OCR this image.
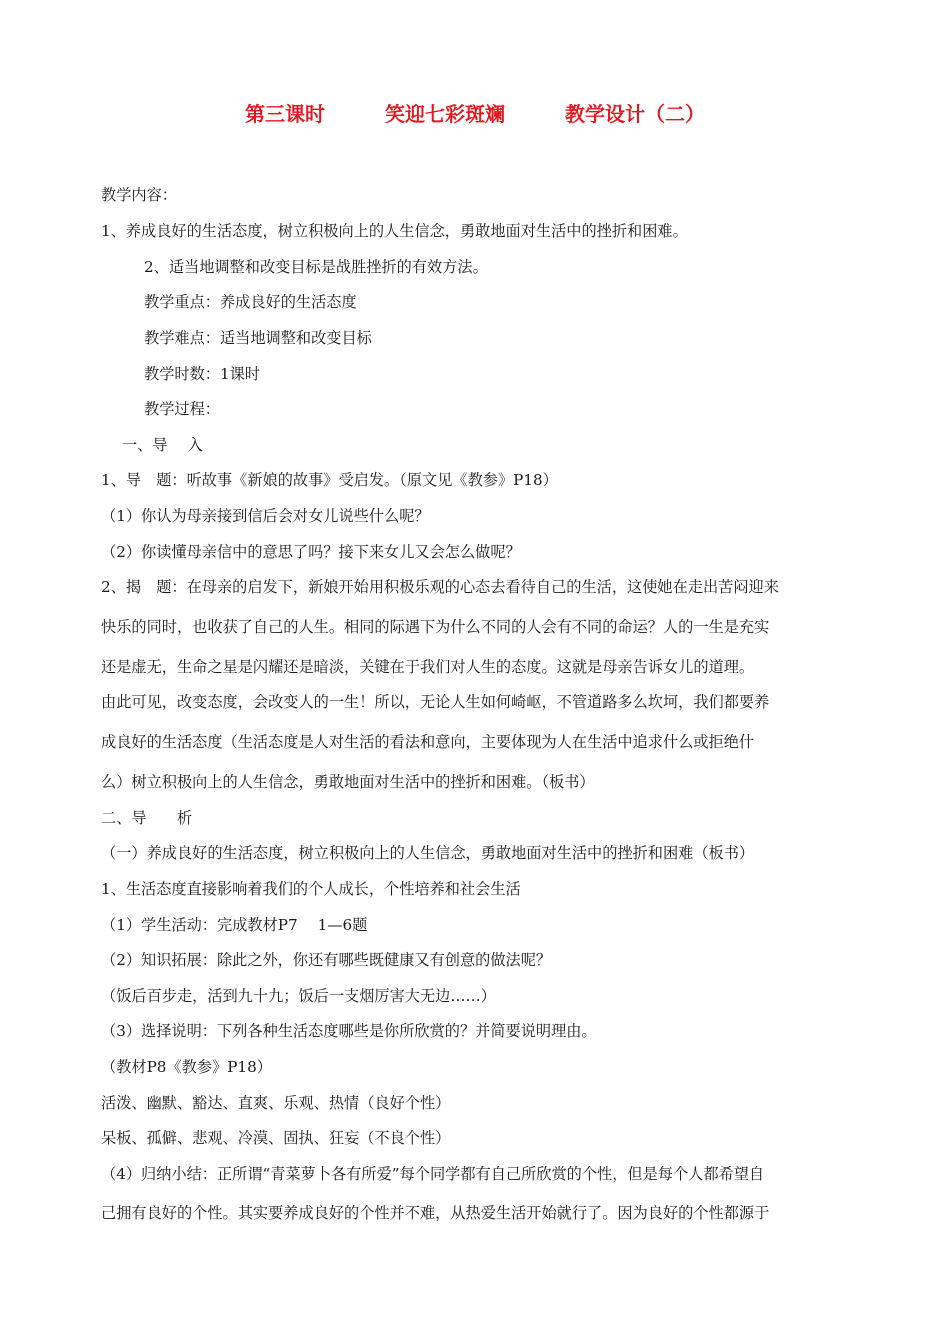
第三课时　　　笑迎七彩斑斓　　　教学设计（二）
教学内容：
1、养成良好的生活态度，树立积极向上的人生信念，勇敢地面对生活中的挫折和困难。
2、适当地调整和改变目标是战胜挫折的有效方法。
教学重点：养成良好的生活态度
教学难点：适当地调整和改变目标
教学时数：1课时
教学过程：
一、导　 入
1、导　题：听故事《新娘的故事》受启发。（原文见《教参》P18）
（1）你认为母亲接到信后会对女儿说些什么呢？
（2）你读懂母亲信中的意思了吗？接下来女儿又会怎么做呢？
2、揭　题：在母亲的启发下，新娘开始用积极乐观的心态去看待自己的生活，这使她在走出苦闷迎来
快乐的同时，也收获了自己的人生。相同的际遇下为什么不同的人会有不同的命运？人的一生是充实
还是虚无，生命之星是闪耀还是暗淡，关键在于我们对人生的态度。这就是母亲告诉女儿的道理。
由此可见，改变态度，会改变人的一生！所以，无论人生如何崎岖，不管道路多么坎坷，我们都要养
成良好的生活态度（生活态度是人对生活的看法和意向，主要体现为人在生活中追求什么或拒绝什
么）树立积极向上的人生信念，勇敢地面对生活中的挫折和困难。（板书）
二、导　　析
（一）养成良好的生活态度，树立积极向上的人生信念，勇敢地面对生活中的挫折和困难（板书）
1、生活态度直接影响着我们的个人成长，个性培养和社会生活
（1）学生活动：完成教材P7　 1—6题
（2）知识拓展：除此之外，你还有哪些既健康又有创意的做法呢？
（饭后百步走，活到九十九；饭后一支烟厉害大无边……）
（3）选择说明：下列各种生活态度哪些是你所欣赏的？并简要说明理由。
（教材P8《教参》P18）
活泼、幽默、豁达、直爽、乐观、热情（良好个性）
呆板、孤僻、悲观、冷漠、固执、狂妄（不良个性）
（4）归纳小结：正所谓“青菜萝卜各有所爱”每个同学都有自己所欣赏的个性，但是每个人都希望自
己拥有良好的个性。其实要养成良好的个性并不难，从热爱生活开始就行了。因为良好的个性都源于
